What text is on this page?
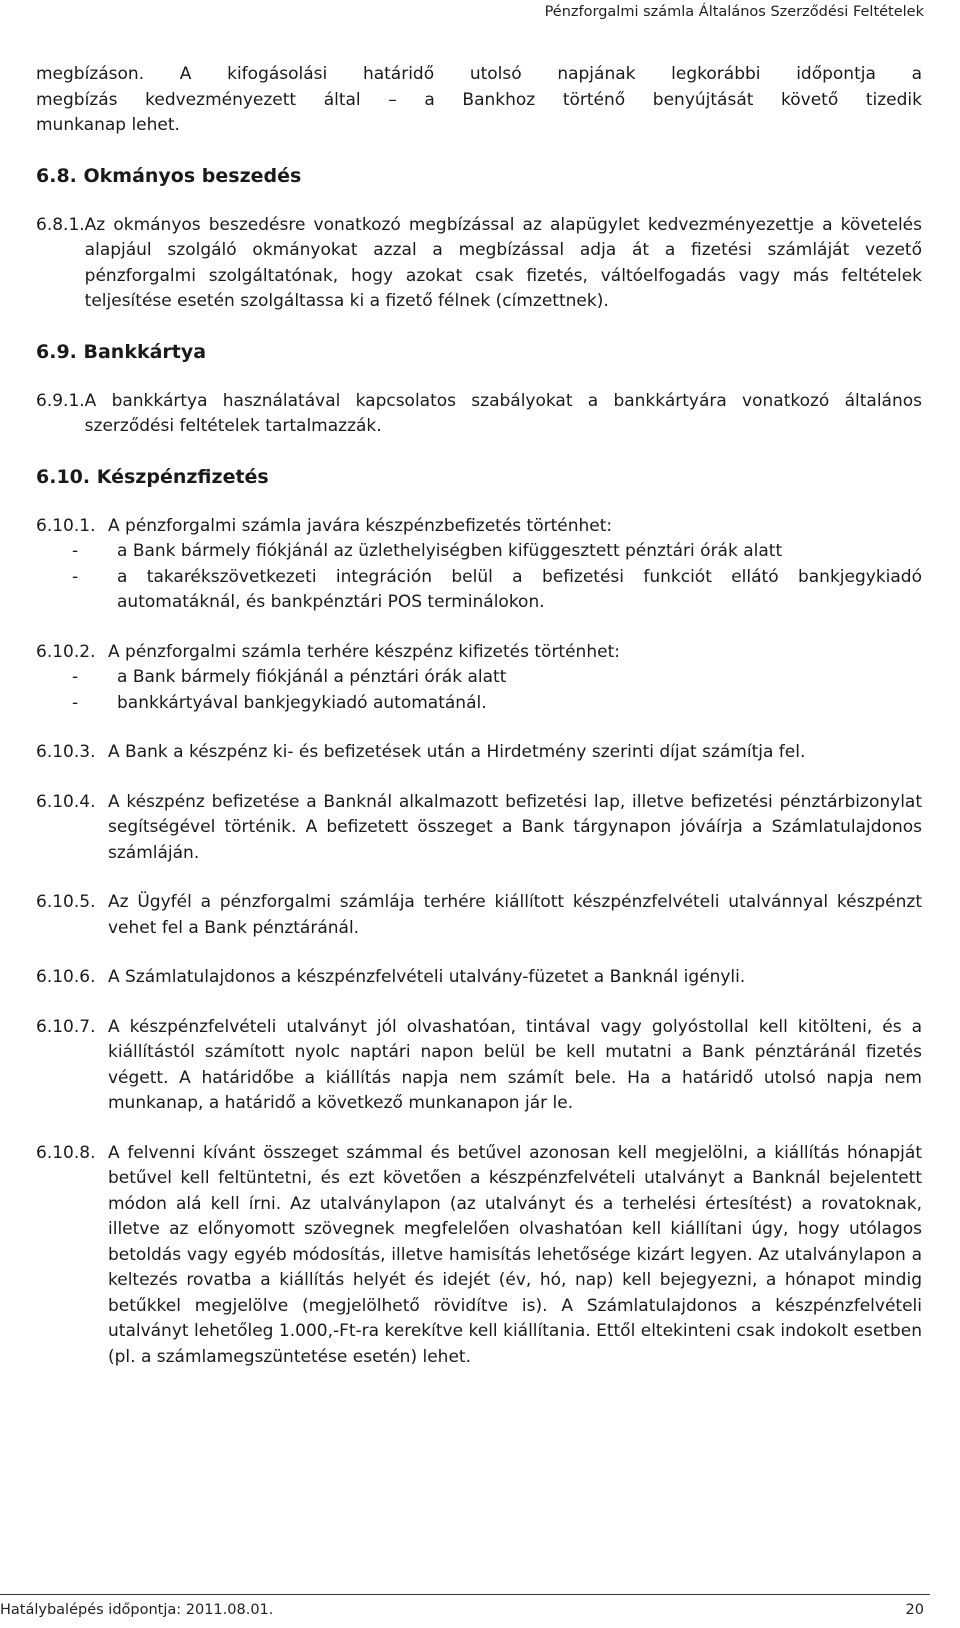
Pénzforgalmi számla Általános Szerződési Feltételek

megbízáson. A kifogásolási határidő utolsó napjának legkorábbi időpontja a

megbízás kedvezményezett által – a Bankhoz történő benyújtását követő tizedik

munkanap lehet.

6.8. Okmányos beszedés

6.8.1. Az okmányos beszedésre vonatkozó megbízással az alapügylet kedvezményezettje a követelés alapjául szolgáló okmányokat azzal a megbízással adja át a fizetési számláját vezető pénzforgalmi szolgáltatónak, hogy azokat csak fizetés, váltóelfogadás vagy más feltételek teljesítése esetén szolgáltassa ki a fizető félnek (címzettnek).

6.9. Bankkártya

6.9.1. A bankkártya használatával kapcsolatos szabályokat a bankkártyára vonatkozó általános szerződési feltételek tartalmazzák.

6.10. Készpénzfizetés

6.10.1. A pénzforgalmi számla javára készpénzbefizetés történhet:
-	a Bank bármely fiókjánál az üzlethelyiségben kifüggesztett pénztári órák alatt
-	a takarékszövetkezeti integráción belül a befizetési funkciót ellátó bankjegykiadó automatáknál, és bankpénztári POS terminálokon.
6.10.2. A pénzforgalmi számla terhére készpénz kifizetés történhet:
-	a Bank bármely fiókjánál a pénztári órák alatt
-	bankkártyával bankjegykiadó automatánál.
6.10.3. A Bank a készpénz ki- és befizetések után a Hirdetmény szerinti díjat számítja fel.
6.10.4. A készpénz befizetése a Banknál alkalmazott befizetési lap, illetve befizetési pénztárbizonylat segítségével történik. A befizetett összeget a Bank tárgynapon jóváírja a Számlatulajdonos számláján.
6.10.5. Az Ügyfél a pénzforgalmi számlája terhére kiállított készpénzfelvételi utalvánnyal készpénzt vehet fel a Bank pénztáránál.
6.10.6. A Számlatulajdonos a készpénzfelvételi utalvány-füzetet a Banknál igényli.
6.10.7. A készpénzfelvételi utalványt jól olvashatóan, tintával vagy golyóstollal kell kitölteni, és a kiállítástól számított nyolc naptári napon belül be kell mutatni a Bank pénztáránál fizetés végett. A határidőbe a kiállítás napja nem számít bele. Ha a határidő utolsó napja nem munkanap, a határidő a következő munkanapon jár le.
6.10.8. A felvenni kívánt összeget számmal és betűvel azonosan kell megjelölni, a kiállítás hónapját betűvel kell feltüntetni, és ezt követően a készpénzfelvételi utalványt a Banknál bejelentett módon alá kell írni. Az utalványlapon (az utalványt és a terhelési értesítést) a rovatoknak, illetve az előnyomott szövegnek megfelelően olvashatóan kell kiállítani úgy, hogy utólagos betoldás vagy egyéb módosítás, illetve hamisítás lehetősége kizárt legyen. Az utalványlapon a keltezés rovatba a kiállítás helyét és idejét (év, hó, nap) kell bejegyezni, a hónapot mindig betűkkel megjelölve (megjelölhető rövidítve is). A Számlatulajdonos a készpénzfelvételi utalványt lehetőleg 1.000,-Ft-ra kerekítve kell kiállítania. Ettől eltekinteni csak indokolt esetben (pl. a számlamegszüntetése esetén) lehet.
Hatálybalépés időpontja: 2011.08.01.	20
